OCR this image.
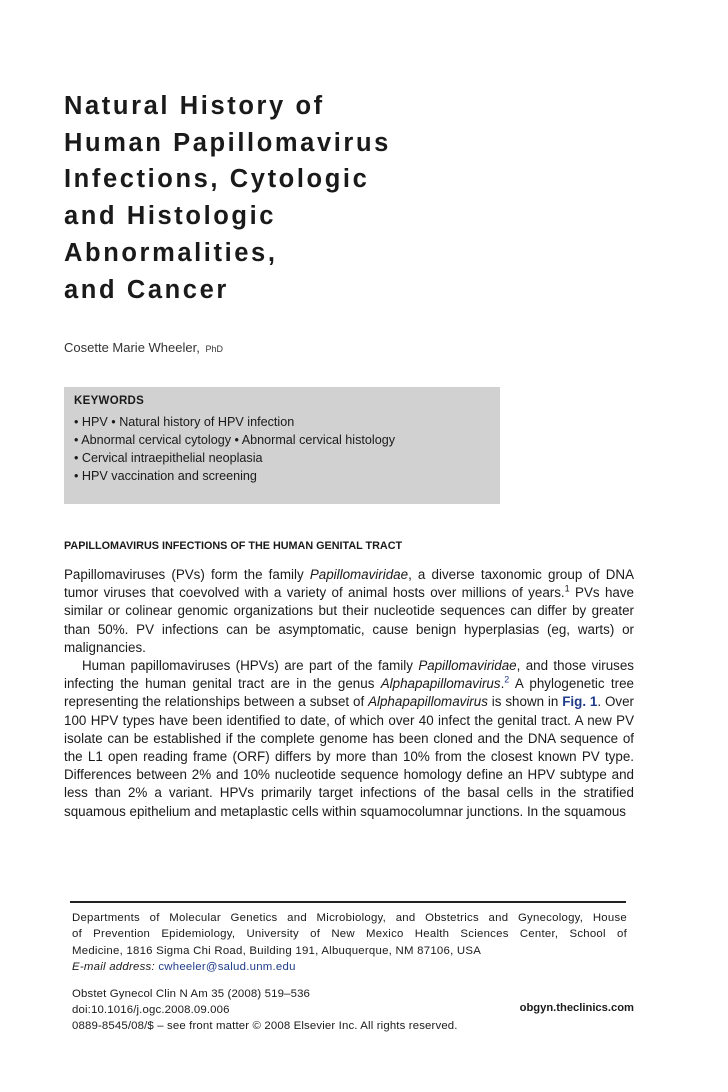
Natural History of
Human Papillomavirus
Infections, Cytologic
and Histologic
Abnormalities,
and Cancer
Cosette Marie Wheeler, PhD
KEYWORDS
• HPV • Natural history of HPV infection
• Abnormal cervical cytology • Abnormal cervical histology
• Cervical intraepithelial neoplasia
• HPV vaccination and screening
PAPILLOMAVIRUS INFECTIONS OF THE HUMAN GENITAL TRACT

Papillomaviruses (PVs) form the family Papillomaviridae, a diverse taxonomic group of DNA tumor viruses that coevolved with a variety of animal hosts over millions of years.$^1$ PVs have similar or colinear genomic organizations but their nucleotide sequences can differ by greater than 50%. PV infections can be asymptomatic, cause benign hyperplasias (eg, warts) or malignancies.

Human papillomaviruses (HPVs) are part of the family Papillomaviridae, and those viruses infecting the human genital tract are in the genus Alphapapillomavirus.$^2$ A phylogenetic tree representing the relationships between a subset of Alphapapillomavirus is shown in Fig. 1. Over 100 HPV types have been identified to date, of which over 40 infect the genital tract. A new PV isolate can be established if the complete genome has been cloned and the DNA sequence of the L1 open reading frame (ORF) differs by more than 10% from the closest known PV type. Differences between 2% and 10% nucleotide sequence homology define an HPV subtype and less than 2% a variant. HPVs primarily target infections of the basal cells in the stratified squamous epithelium and metaplastic cells within squamocolumnar junctions. In the squamous

Departments of Molecular Genetics and Microbiology, and Obstetrics and Gynecology, House
of Prevention Epidemiology, University of New Mexico Health Sciences Center, School of
Medicine, 1816 Sigma Chi Road, Building 191, Albuquerque, NM 87106, USA
E-mail address: cwheeler@salud.unm.edu
Obstet Gynecol Clin N Am 35 (2008) 519–536
doi:10.1016/j.ogc.2008.09.006
0889-8545/08/$ – see front matter © 2008 Elsevier Inc. All rights reserved.
obgyn.theclinics.com
